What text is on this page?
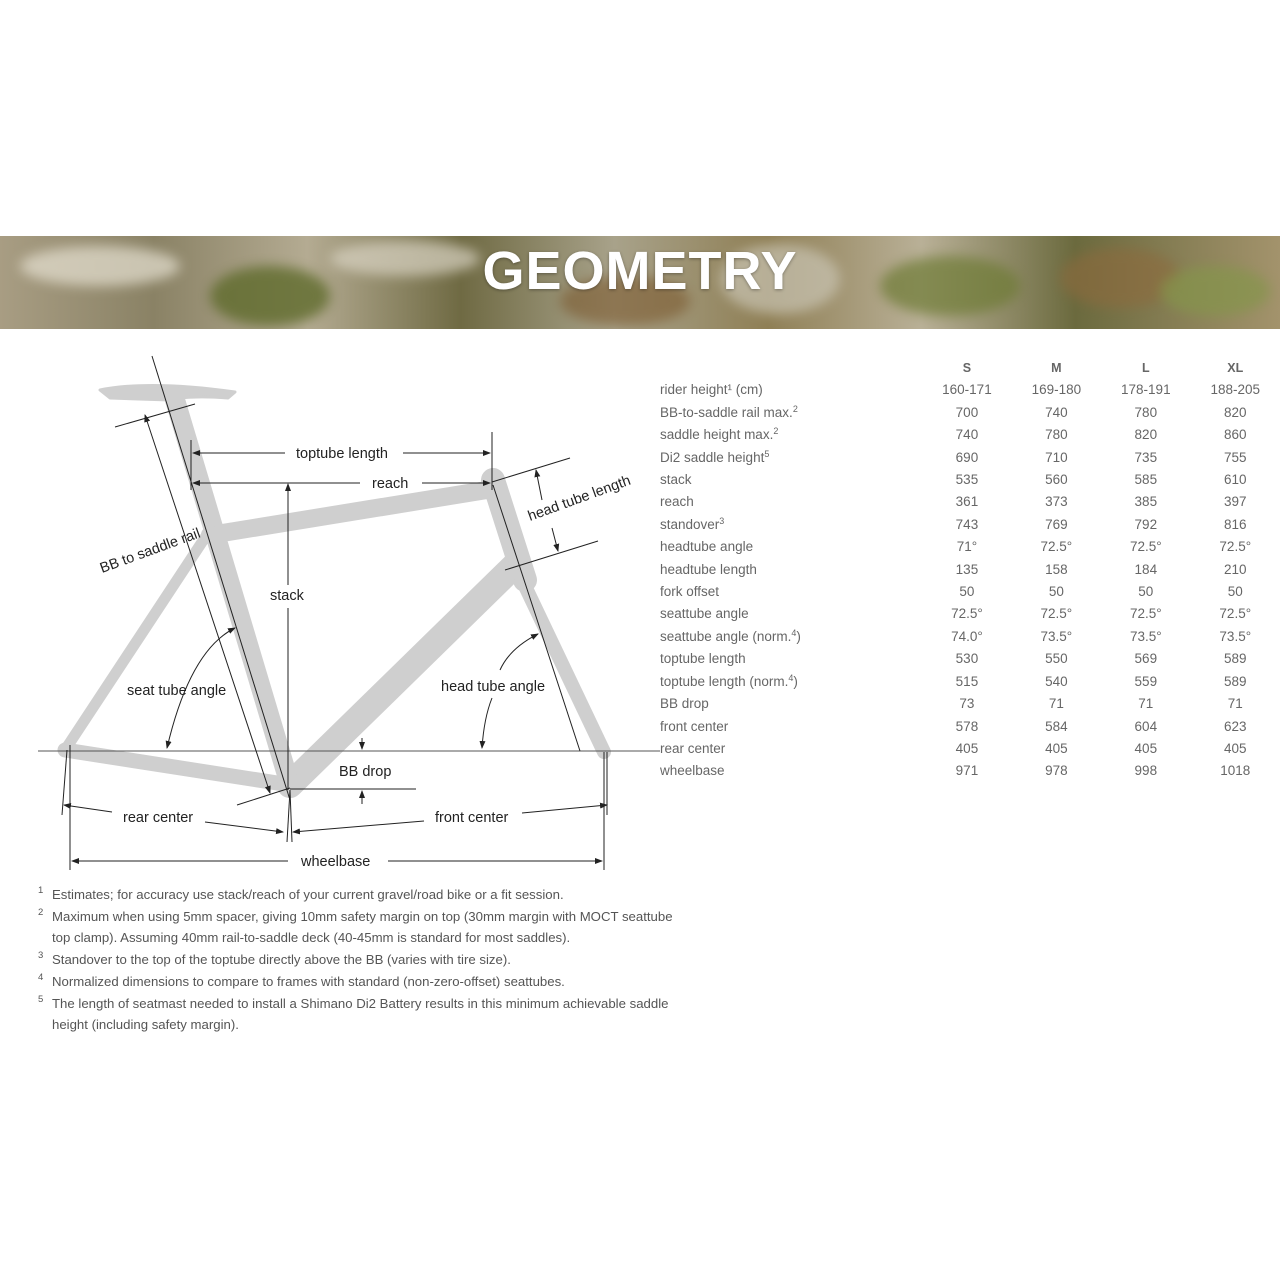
GEOMETRY
BB to saddle rail
toptube length
reach
stack
head tube length
seat tube angle	head tube angle
BB drop
rear center	front center
wheelbase
	S	M	L	XL
rider height¹ (cm)	160-171	169-180	178-191	188-205
BB-to-saddle rail max.$^2$	700	740	780	820
saddle height max.$^2$	740	780	820	860
Di2 saddle height$^5$	690	710	735	755
stack	535	560	585	610
reach	361	373	385	397
standover$^3$	743	769	792	816
headtube angle	71°	72.5°	72.5°	72.5°
headtube length	135	158	184	210
fork offset	50	50	50	50
seattube angle	72.5°	72.5°	72.5°	72.5°
seattube angle (norm.$^4$)	74.0°	73.5°	73.5°	73.5°
toptube length	530	550	569	589
toptube length (norm.$^4$)	515	540	559	589
BB drop	73	71	71	71
front center	578	584	604	623
rear center	405	405	405	405
wheelbase	971	978	998	1018
1 Estimates; for accuracy use stack/reach of your current gravel/road bike or a fit session.
2 Maximum when using 5mm spacer, giving 10mm safety margin on top (30mm margin with MOCT seattube top clamp). Assuming 40mm rail-to-saddle deck (40-45mm is standard for most saddles).
3 Standover to the top of the toptube directly above the BB (varies with tire size).
4 Normalized dimensions to compare to frames with standard (non-zero-offset) seattubes.
5 The length of seatmast needed to install a Shimano Di2 Battery results in this minimum achievable saddle height (including safety margin).
